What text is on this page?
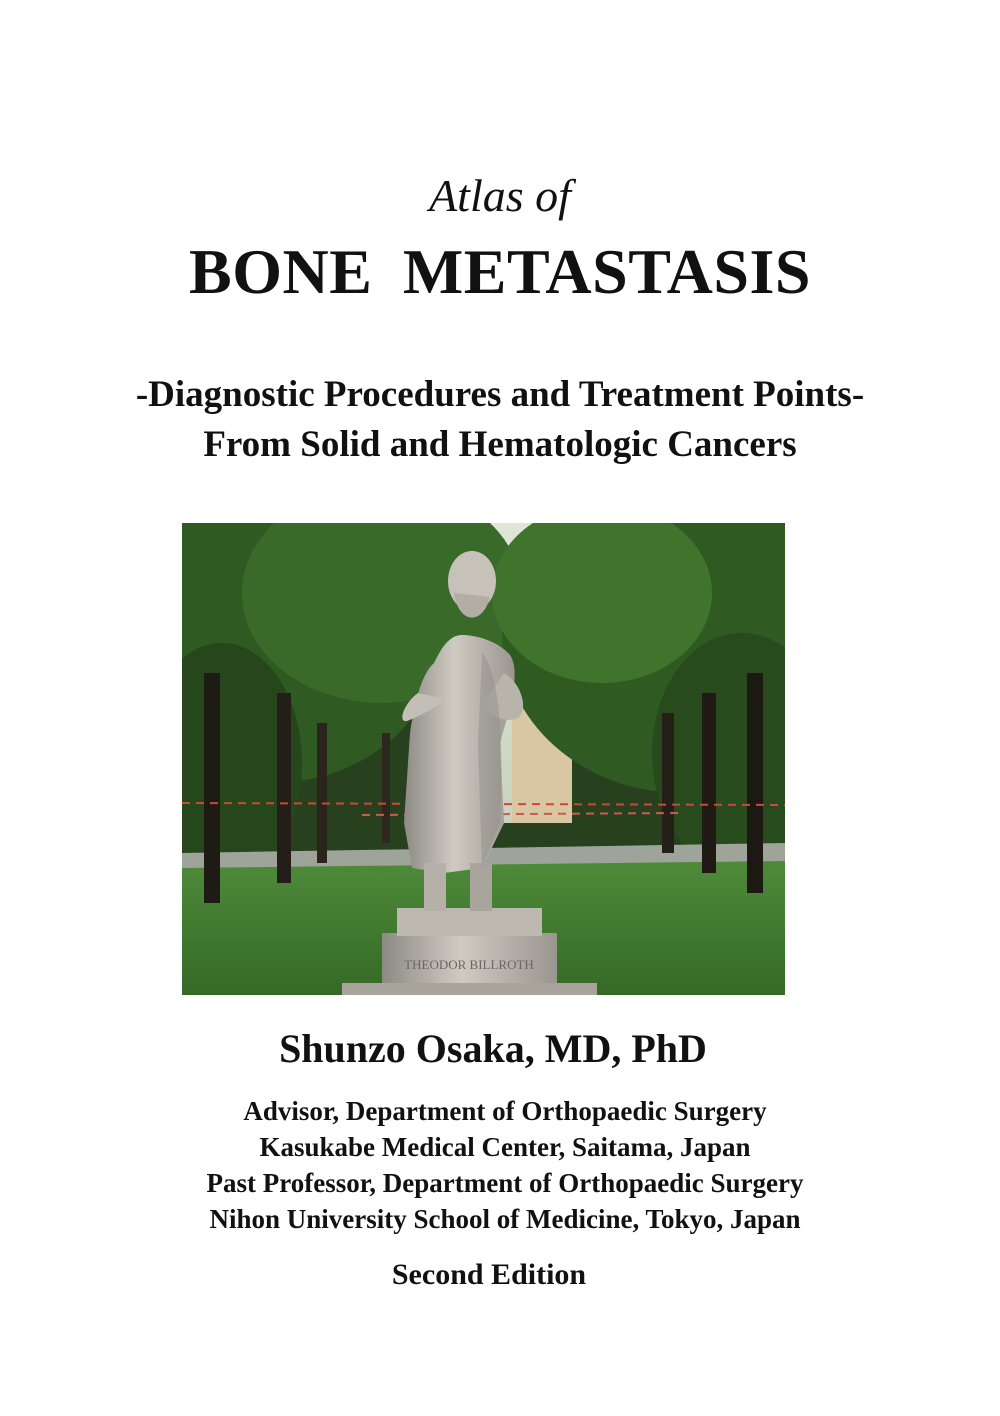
Atlas of
BONE METASTASIS
-Diagnostic Procedures and Treatment Points-
From Solid and Hematologic Cancers
THEODOR BILLROTH
Shunzo Osaka, MD, PhD
Advisor, Department of Orthopaedic Surgery
Kasukabe Medical Center, Saitama, Japan
Past Professor, Department of Orthopaedic Surgery
Nihon University School of Medicine, Tokyo, Japan
Second Edition
